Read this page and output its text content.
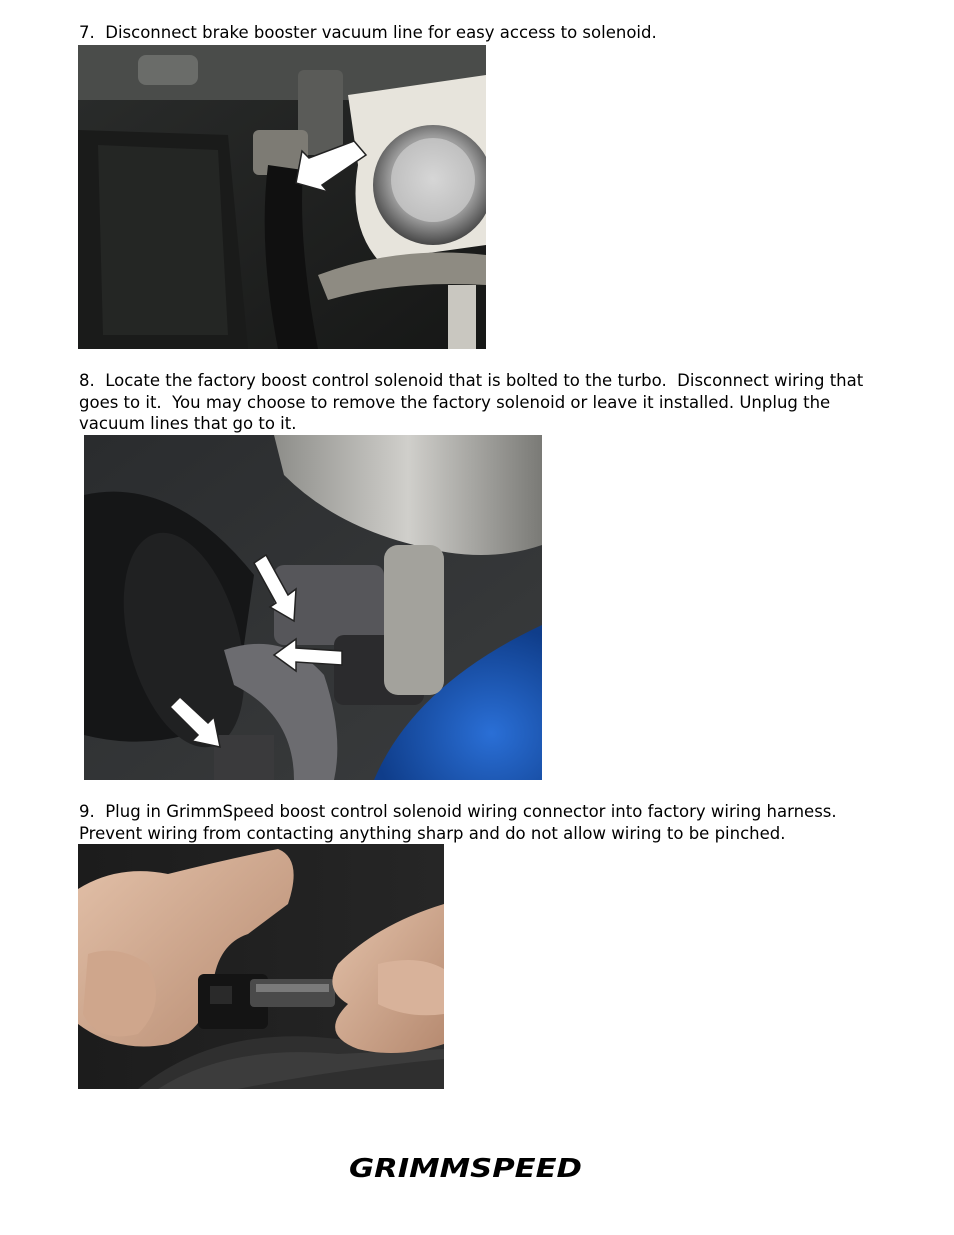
7.  Disconnect brake booster vacuum line for easy access to solenoid.

8.  Locate the factory boost control solenoid that is bolted to the turbo.  Disconnect wiring that goes to it.  You may choose to remove the factory solenoid or leave it installed. Unplug the vacuum lines that go to it.

9.  Plug in GrimmSpeed boost control solenoid wiring connector into factory wiring harness.  Prevent wiring from contacting anything sharp and do not allow wiring to be pinched.

GRIMMSPEED
